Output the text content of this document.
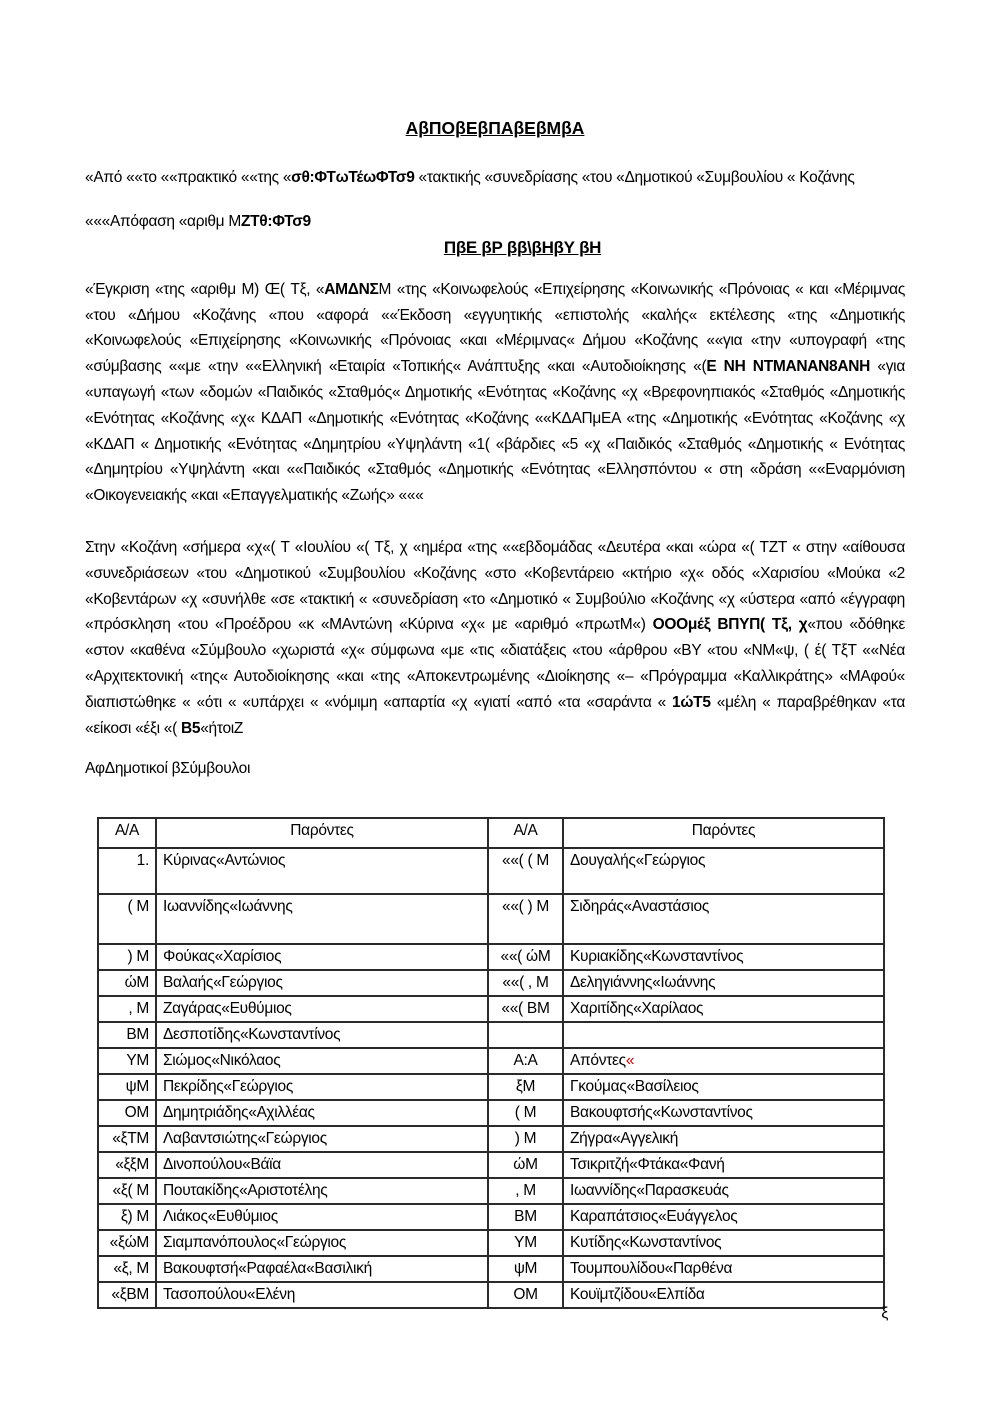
ΑβΠΟβΕβΠΑβΕβΜβΑ
«Από ««το ««πρακτικό ««της «σθ:ΦΤωΤέωΦΤσ9 «τακτικής «συνεδρίασης «του «Δημοτικού «Συμβουλίου « Κοζάνης
«««Απόφαση «αριθμ ΜΖΤθ:ΦΤσ9
ΠβΕ βΡ ββ\βΗβΥ βΗ
«Έγκριση «της «αριθμ Μ) Œ( Τξ, «ΑΜΔΝΣΜ «της «Κοινωφελούς «Επιχείρησης «Κοινωνικής «Πρόνοιας « και «Μέριμνας «του «Δήμου «Κοζάνης «που «αφορά ««Έκδοση «εγγυητικής «επιστολής «καλής« εκτέλεσης «της «Δημοτικής «Κοινωφελούς «Επιχείρησης «Κοινωνικής «Πρόνοιας «και «Μέριμνας« Δήμου «Κοζάνης ««για «την «υπογραφή «της «σύμβασης ««με «την ««Ελληνική «Εταιρία «Τοπικής« Ανάπτυξης «και «Αυτοδιοίκησης «(Ε ΝΗ ΝΤΜΑΝΑΝ8ΑΝΗ «για «υπαγωγή «των «δομών «Παιδικός «Σταθμός« Δημοτικής «Ενότητας «Κοζάνης «χ «Βρεφονηπιακός «Σταθμός «Δημοτικής «Ενότητας «Κοζάνης «χ« ΚΔΑΠ «Δημοτικής «Ενότητας «Κοζάνης ««ΚΔΑΠμΕΑ «της «Δημοτικής «Ενότητας «Κοζάνης «χ «ΚΔΑΠ « Δημοτικής «Ενότητας «Δημητρίου «Υψηλάντη «1( «βάρδιες «5 «χ «Παιδικός «Σταθμός «Δημοτικής « Ενότητας «Δημητρίου «Υψηλάντη «και ««Παιδικός «Σταθμός «Δημοτικής «Ενότητας «Ελλησπόντου « στη «δράση ««Εναρμόνιση «Οικογενειακής «και «Επαγγελματικής «Ζωής» «««
Στην «Κοζάνη «σήμερα «χ«( Τ «Ιουλίου «( Τξ, χ «ημέρα «της ««εβδομάδας «Δευτέρα «και «ώρα «( ΤΖΤ « στην «αίθουσα «συνεδριάσεων «του «Δημοτικού «Συμβουλίου «Κοζάνης «στο «Κοβεντάρειο «κτήριο «χ« οδός «Χαρισίου «Μούκα «2 «Κοβεντάρων «χ «συνήλθε «σε «τακτική « «συνεδρίαση «το «Δημοτικό « Συμβούλιο «Κοζάνης «χ «ύστερα «από «έγγραφη «πρόσκληση «του «Προέδρου «κ «ΜΑντώνη «Κύρινα «χ« με «αριθμό «πρωτΜ«) ΟΟΟμέξ ΒΠΥΠ( Τξ, χ«που «δόθηκε «στον «καθένα «Σύμβουλο «χωριστά «χ« σύμφωνα «με «τις «διατάξεις «του «άρθρου «ΒΥ «του «ΝΜ«ψ, ( έ( ΤξΤ ««Νέα «Αρχιτεκτονική «της« Αυτοδιοίκησης «και «της «Αποκεντρωμένης «Διοίκησης «– «Πρόγραμμα «Καλλικράτης» «ΜΑφού« διαπιστώθηκε « «ότι « «υπάρχει « «νόμιμη «απαρτία «χ «γιατί «από «τα «σαράντα « 1ώΤ5 «μέλη « παραβρέθηκαν «τα «είκοσι «έξι «( Β5«ήτοιΖ
ΑφΔημοτικοί βΣύμβουλοι
Α/Α	Παρόντες	Α/Α	Παρόντες
1.	Κύρινας«Αντώνιος	««( ( Μ	Δουγαλής«Γεώργιος
( Μ	Ιωαννίδης«Ιωάννης	««( ) Μ	Σιδηράς«Αναστάσιος
) Μ	Φούκας«Χαρίσιος	««( ώΜ	Κυριακίδης«Κωνσταντίνος
ώΜ	Βαλαής«Γεώργιος	««( , Μ	Δεληγιάννης«Ιωάννης
, Μ	Ζαγάρας«Ευθύμιος	««( ΒΜ	Χαριτίδης«Χαρίλαος
ΒΜ	Δεσποτίδης«Κωνσταντίνος		
ΥΜ	Σιώμος«Νικόλαος	Α:Α	Απόντες«
ψΜ	Πεκρίδης«Γεώργιος	ξΜ	Γκούμας«Βασίλειος
ΟΜ	Δημητριάδης«Αχιλλέας	( Μ	Βακουφτσής«Κωνσταντίνος
«ξΤΜ	Λαβαντσιώτης«Γεώργιος	) Μ	Ζήγρα«Αγγελική
«ξξΜ	Δινοπούλου«Βάϊα	ώΜ	Τσικριτζή«Φτάκα«Φανή
«ξ( Μ	Πουτακίδης«Αριστοτέλης	, Μ	Ιωαννίδης«Παρασκευάς
ξ) Μ	Λιάκος«Ευθύμιος	ΒΜ	Καραπάτσιος«Ευάγγελος
«ξώΜ	Σιαμπανόπουλος«Γεώργιος	ΥΜ	Κυτίδης«Κωνσταντίνος
«ξ, Μ	Βακουφτσή«Ραφαέλα«Βασιλική	ψΜ	Τουμπουλίδου«Παρθένα
«ξΒΜ	Τασοπούλου«Ελένη	ΟΜ	Κουϊμτζίδου«Ελπίδα
ξ
